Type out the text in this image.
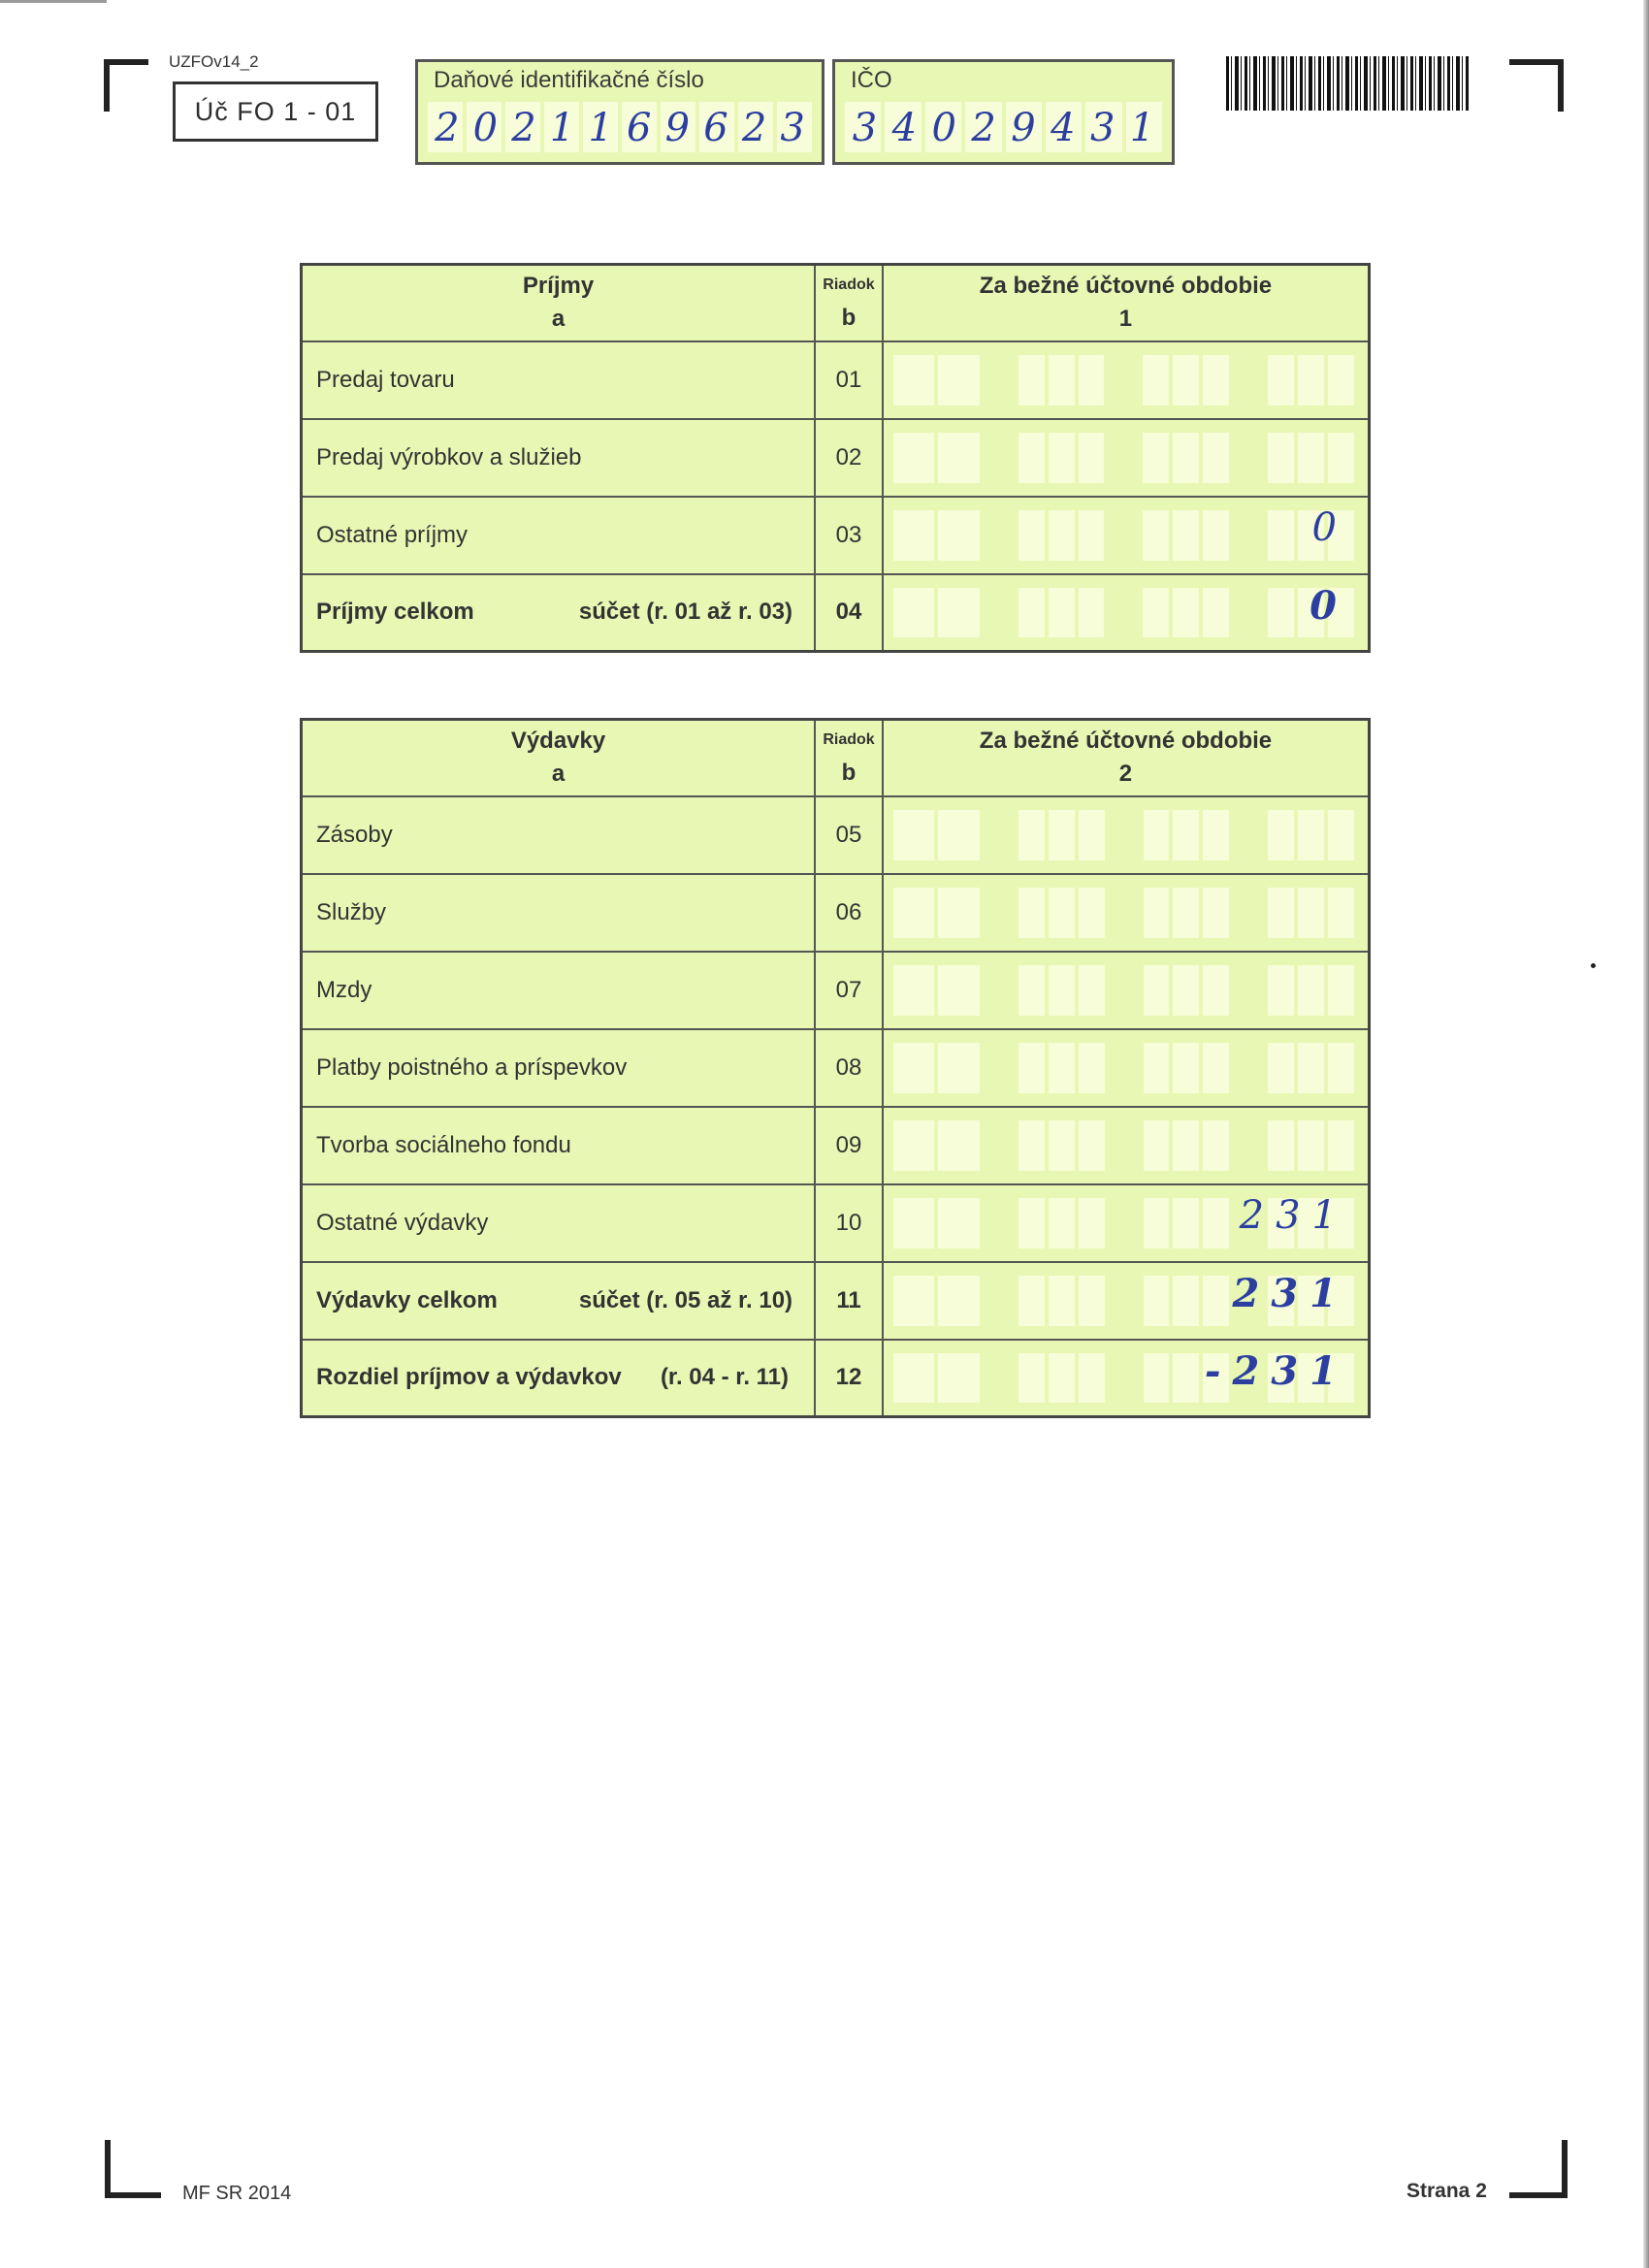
UZFOv14_2
Úč FO 1 - 01
Daňové identifikačné číslo
2 0 2 1 1 6 9 6 2 3
IČO
3 4 0 2 9 4 3 1
Príjmy
a	Riadok
b	Za bežné účtovné obdobie
1
Predaj tovaru	01	

Predaj výrobkov a služieb	02	

Ostatné príjmy	03	0

Príjmy celkom súčet (r. 01 až r. 03)	04	0
Výdavky
a	Riadok
b	Za bežné účtovné obdobie
2
Zásoby	05	

Služby	06	

Mzdy	07	

Platby poistného a príspevkov	08	

Tvorba sociálneho fondu	09	

Ostatné výdavky	10	231

Výdavky celkom súčet (r. 05 až r. 10)	11	231

Rozdiel príjmov a výdavkov (r. 04 - r. 11)	12	-231
MF SR 2014	Strana 2
